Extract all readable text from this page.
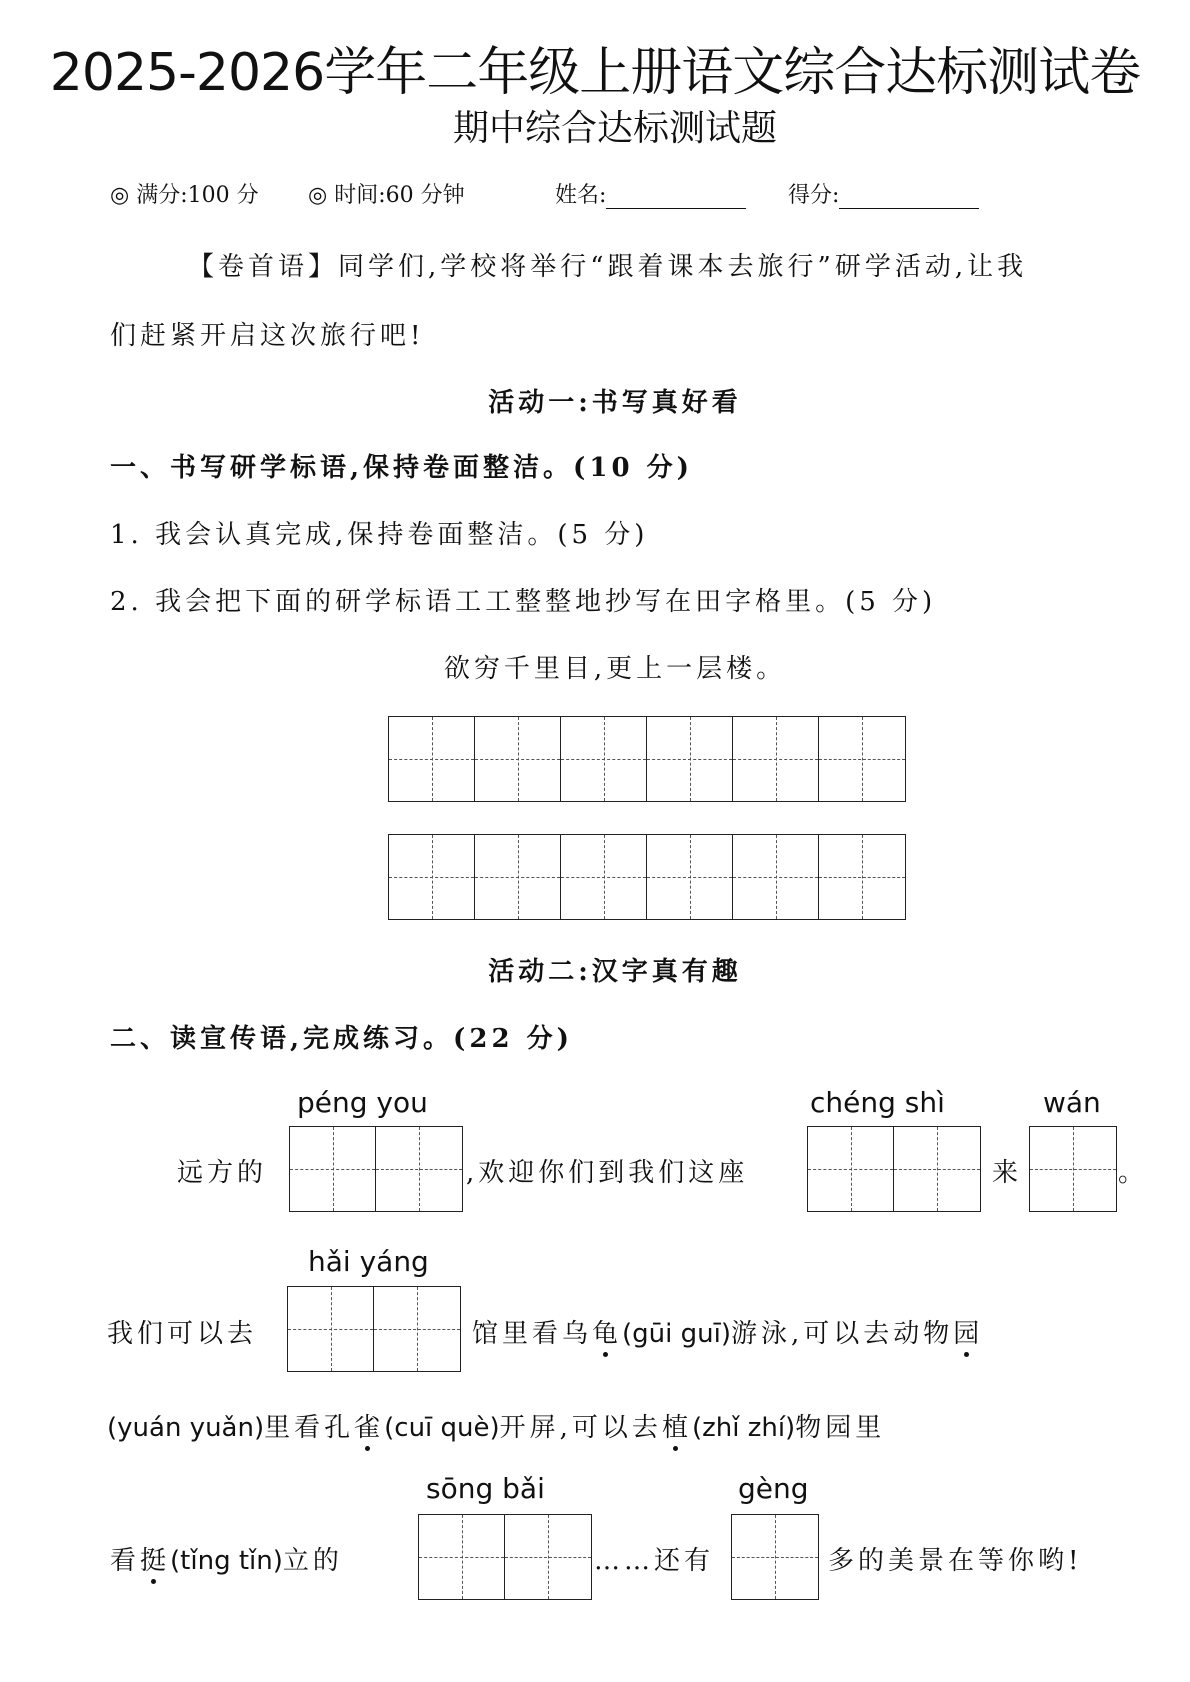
2025-2026学年二年级上册语文综合达标测试卷
期中综合达标测试题
◎ 满分:100 分 ◎ 时间:60 分钟	姓名:	得分:
【卷首语】同学们,学校将举行“跟着课本去旅行”研学活动,让我
们赶紧开启这次旅行吧!
活动一:书写真好看
一、书写研学标语,保持卷面整洁。(10 分)
1. 我会认真完成,保持卷面整洁。(5 分)
2. 我会把下面的研学标语工工整整地抄写在田字格里。(5 分)
欲穷千里目,更上一层楼。
活动二:汉字真有趣
二、读宣传语,完成练习。(22 分)
péng you	chéng shì	wán
远方的	,欢迎你们到我们这座	来	。
hǎi yáng
我们可以去	馆里看乌龟(gūi guī)游泳,可以去动物园
(yuán yuǎn)里看孔雀(cuī què)开屏,可以去植(zhǐ zhí)物园里
sōng bǎi	gèng
看挺(tǐng tǐn)立的	……还有	多的美景在等你哟!
